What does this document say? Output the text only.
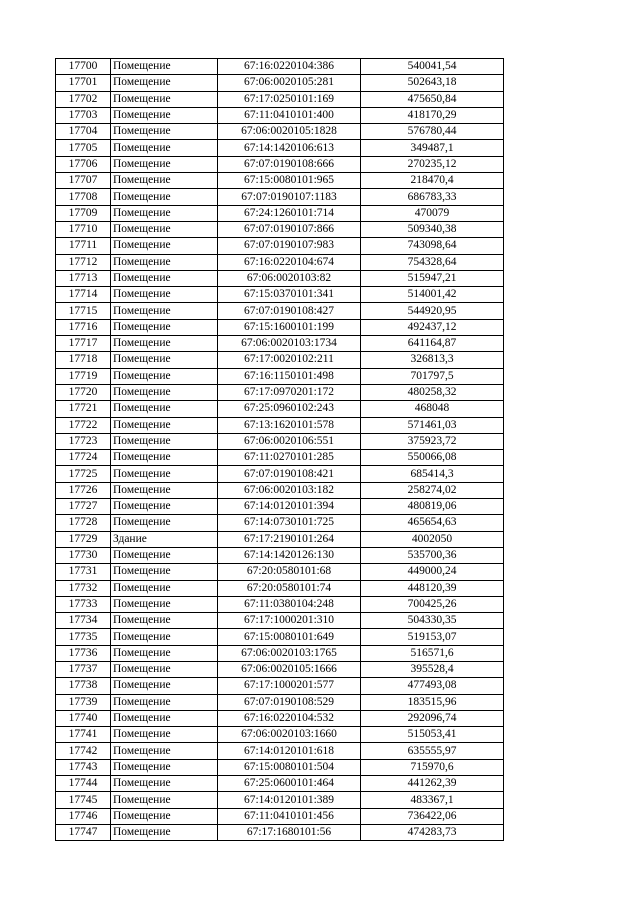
17700	Помещение	67:16:0220104:386	540041,54
17701	Помещение	67:06:0020105:281	502643,18
17702	Помещение	67:17:0250101:169	475650,84
17703	Помещение	67:11:0410101:400	418170,29
17704	Помещение	67:06:0020105:1828	576780,44
17705	Помещение	67:14:1420106:613	349487,1
17706	Помещение	67:07:0190108:666	270235,12
17707	Помещение	67:15:0080101:965	218470,4
17708	Помещение	67:07:0190107:1183	686783,33
17709	Помещение	67:24:1260101:714	470079
17710	Помещение	67:07:0190107:866	509340,38
17711	Помещение	67:07:0190107:983	743098,64
17712	Помещение	67:16:0220104:674	754328,64
17713	Помещение	67:06:0020103:82	515947,21
17714	Помещение	67:15:0370101:341	514001,42
17715	Помещение	67:07:0190108:427	544920,95
17716	Помещение	67:15:1600101:199	492437,12
17717	Помещение	67:06:0020103:1734	641164,87
17718	Помещение	67:17:0020102:211	326813,3
17719	Помещение	67:16:1150101:498	701797,5
17720	Помещение	67:17:0970201:172	480258,32
17721	Помещение	67:25:0960102:243	468048
17722	Помещение	67:13:1620101:578	571461,03
17723	Помещение	67:06:0020106:551	375923,72
17724	Помещение	67:11:0270101:285	550066,08
17725	Помещение	67:07:0190108:421	685414,3
17726	Помещение	67:06:0020103:182	258274,02
17727	Помещение	67:14:0120101:394	480819,06
17728	Помещение	67:14:0730101:725	465654,63
17729	Здание	67:17:2190101:264	4002050
17730	Помещение	67:14:1420126:130	535700,36
17731	Помещение	67:20:0580101:68	449000,24
17732	Помещение	67:20:0580101:74	448120,39
17733	Помещение	67:11:0380104:248	700425,26
17734	Помещение	67:17:1000201:310	504330,35
17735	Помещение	67:15:0080101:649	519153,07
17736	Помещение	67:06:0020103:1765	516571,6
17737	Помещение	67:06:0020105:1666	395528,4
17738	Помещение	67:17:1000201:577	477493,08
17739	Помещение	67:07:0190108:529	183515,96
17740	Помещение	67:16:0220104:532	292096,74
17741	Помещение	67:06:0020103:1660	515053,41
17742	Помещение	67:14:0120101:618	635555,97
17743	Помещение	67:15:0080101:504	715970,6
17744	Помещение	67:25:0600101:464	441262,39
17745	Помещение	67:14:0120101:389	483367,1
17746	Помещение	67:11:0410101:456	736422,06
17747	Помещение	67:17:1680101:56	474283,73
